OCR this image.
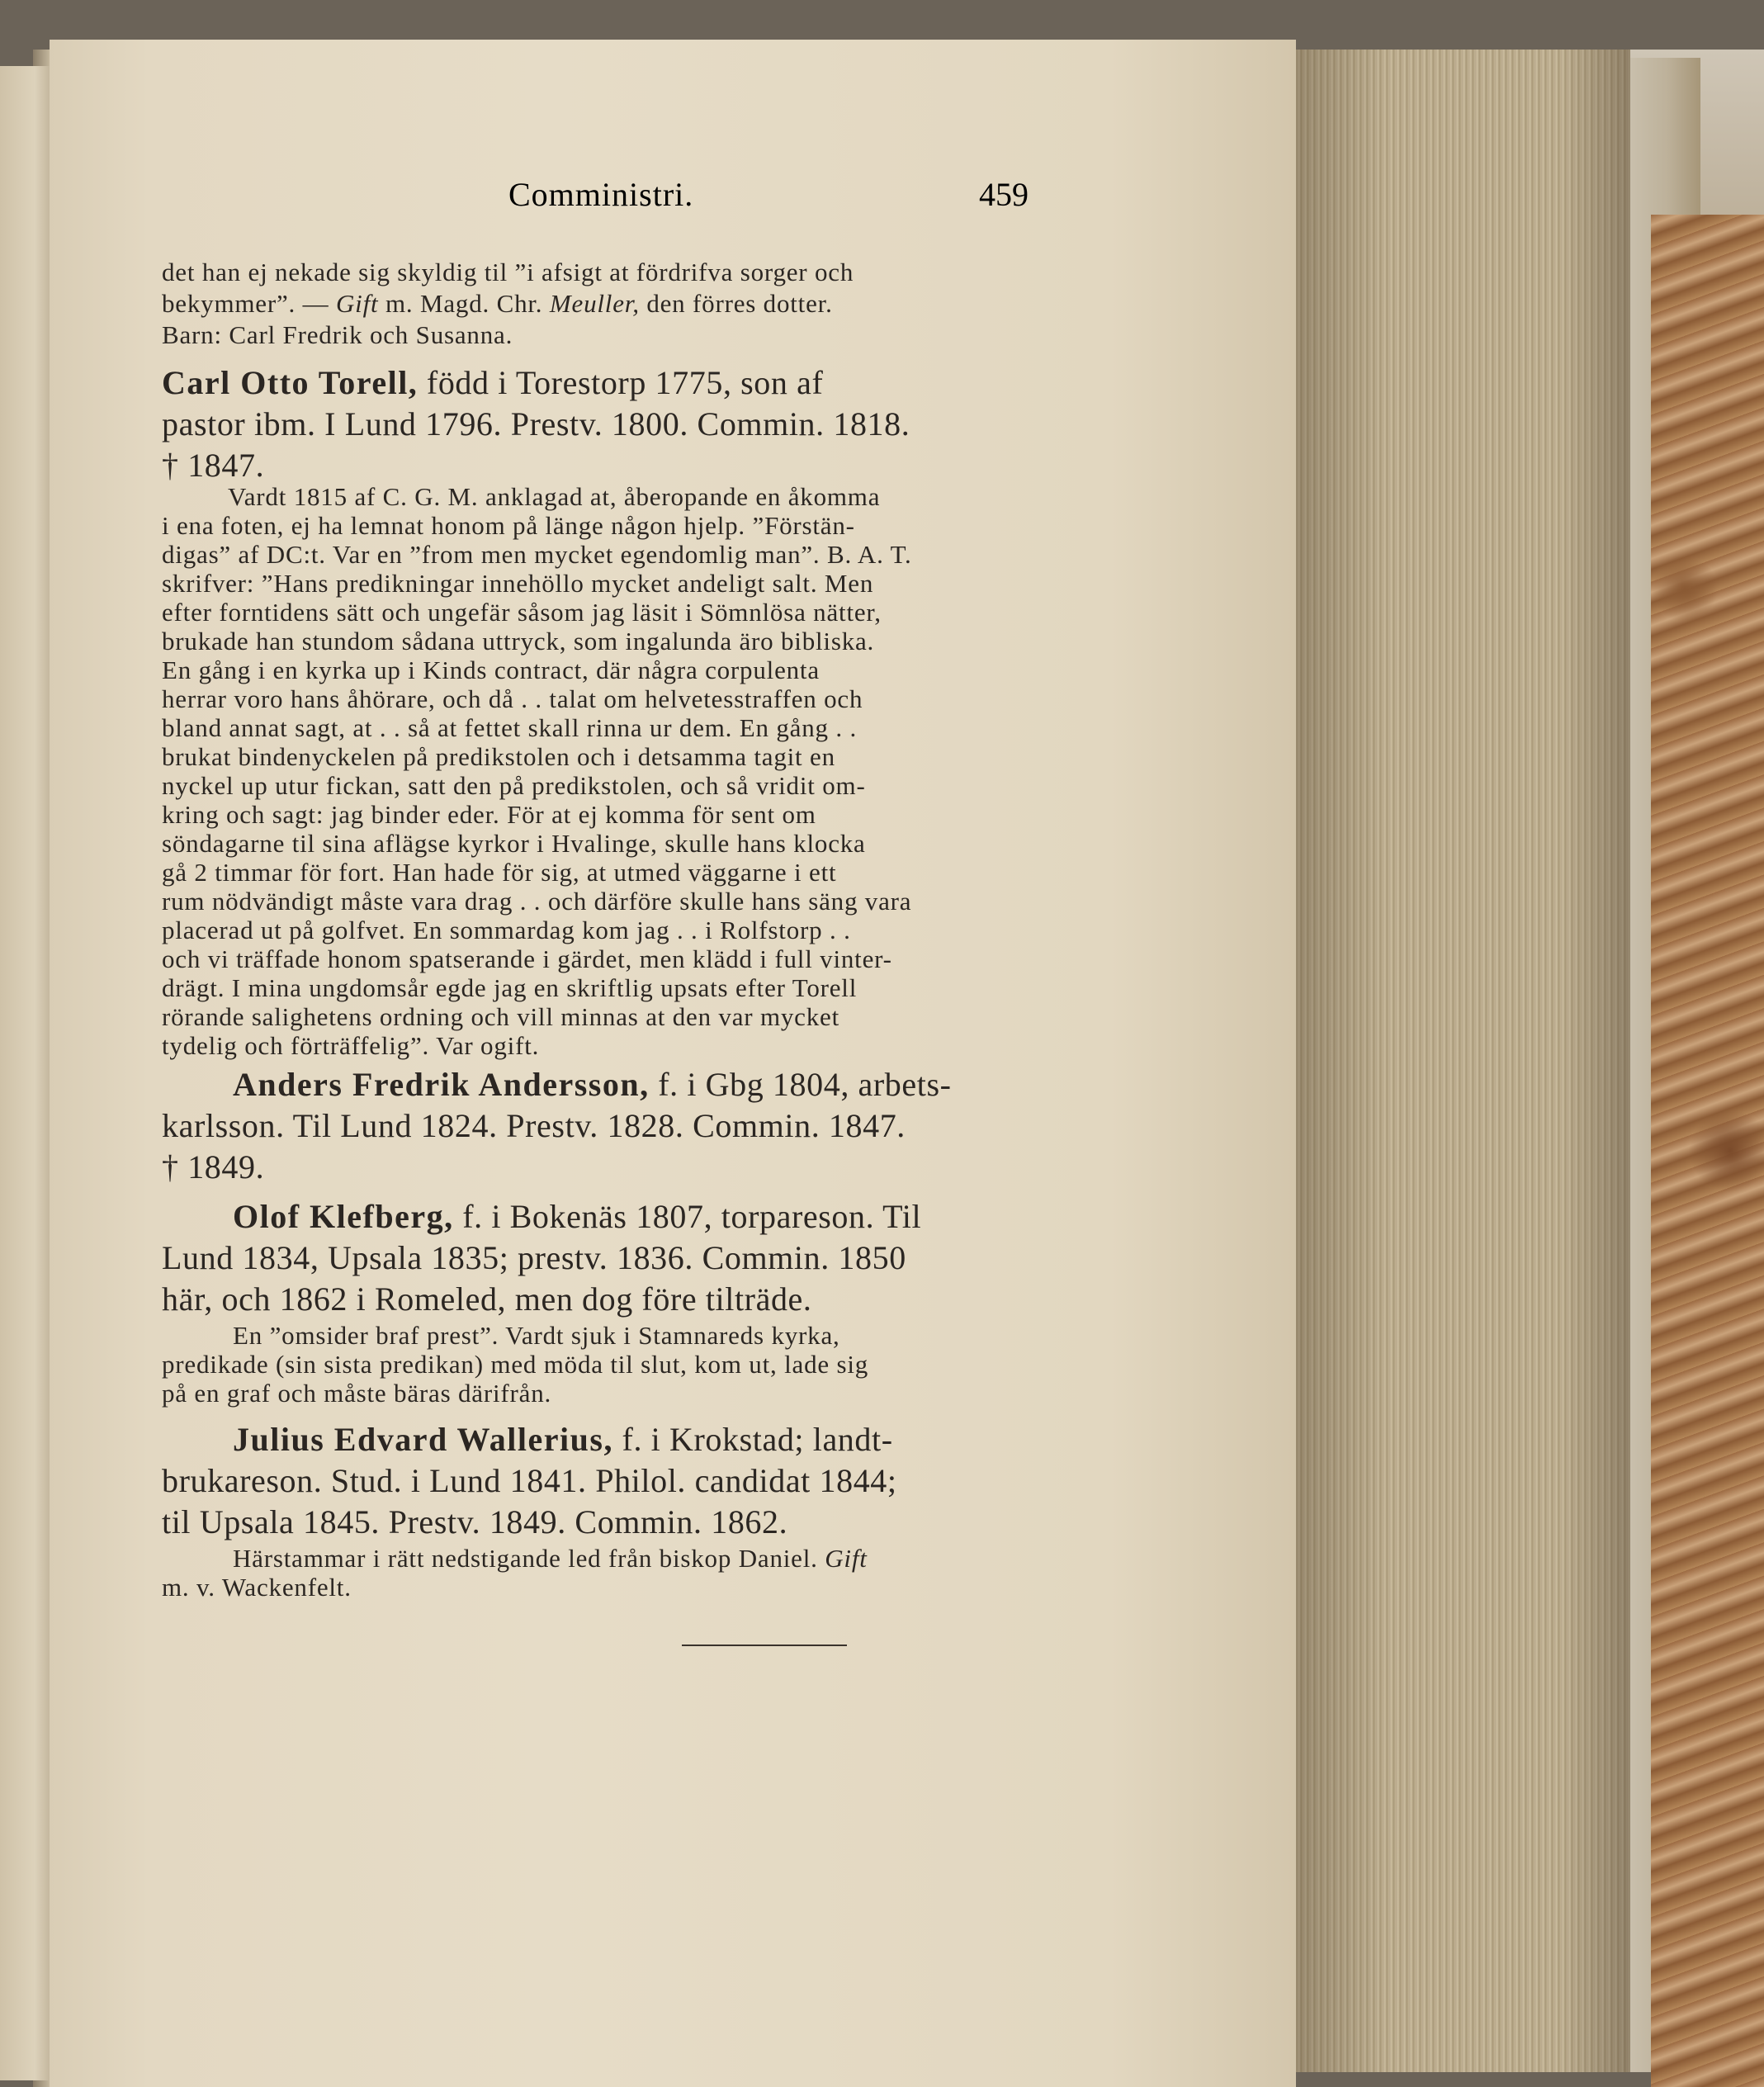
Comministri.	459
det han ej nekade sig skyldig til ”i afsigt at fördrifva sorger och
bekymmer”. — Gift m. Magd. Chr. Meuller, den förres dotter.
Barn: Carl Fredrik och Susanna.
Carl Otto Torell, född i Torestorp 1775, son af
pastor ibm. I Lund 1796. Prestv. 1800. Commin. 1818.
† 1847.
Vardt 1815 af C. G. M. anklagad at, åberopande en åkomma
i ena foten, ej ha lemnat honom på länge någon hjelp. ”Förstän-
digas” af DC:t. Var en ”from men mycket egendomlig man”. B. A. T.
skrifver: ”Hans predikningar innehöllo mycket andeligt salt. Men
efter forntidens sätt och ungefär såsom jag läsit i Sömnlösa nätter,
brukade han stundom sådana uttryck, som ingalunda äro bibliska.
En gång i en kyrka up i Kinds contract, där några corpulenta
herrar voro hans åhörare, och då . . talat om helvetesstraffen och
bland annat sagt, at . . så at fettet skall rinna ur dem. En gång . .
brukat bindenyckelen på predikstolen och i detsamma tagit en
nyckel up utur fickan, satt den på predikstolen, och så vridit om-
kring och sagt: jag binder eder. För at ej komma för sent om
söndagarne til sina aflägse kyrkor i Hvalinge, skulle hans klocka
gå 2 timmar för fort. Han hade för sig, at utmed väggarne i ett
rum nödvändigt måste vara drag . . och därföre skulle hans säng vara
placerad ut på golfvet. En sommardag kom jag . . i Rolfstorp . .
och vi träffade honom spatserande i gärdet, men klädd i full vinter-
drägt. I mina ungdomsår egde jag en skriftlig upsats efter Torell
rörande salighetens ordning och vill minnas at den var mycket
tydelig och förträffelig”. Var ogift.
Anders Fredrik Andersson, f. i Gbg 1804, arbets-
karlsson. Til Lund 1824. Prestv. 1828. Commin. 1847.
† 1849.
Olof Klefberg, f. i Bokenäs 1807, torpareson. Til
Lund 1834, Upsala 1835; prestv. 1836. Commin. 1850
här, och 1862 i Romeled, men dog före tilträde.
En ”omsider braf prest”. Vardt sjuk i Stamnareds kyrka,
predikade (sin sista predikan) med möda til slut, kom ut, lade sig
på en graf och måste bäras därifrån.
Julius Edvard Wallerius, f. i Krokstad; landt-
brukareson. Stud. i Lund 1841. Philol. candidat 1844;
til Upsala 1845. Prestv. 1849. Commin. 1862.
Härstammar i rätt nedstigande led från biskop Daniel. Gift
m. v. Wackenfelt.
